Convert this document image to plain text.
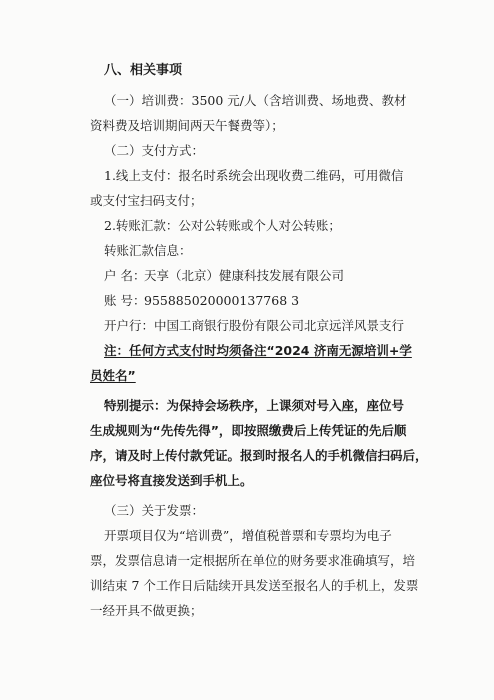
八、相关事项
（一）培训费：3500 元/人（含培训费、场地费、教材
资料费及培训期间两天午餐费等）；
（二）支付方式：
1.线上支付：报名时系统会出现收费二维码，可用微信
或支付宝扫码支付；
2.转账汇款：公对公转账或个人对公转账；
转账汇款信息：
户 名：天享（北京）健康科技发展有限公司
账 号：955885020000137768 3
开户行：中国工商银行股份有限公司北京远洋风景支行
注：任何方式支付时均须备注“2024 济南无源培训+学
员姓名”
特别提示：为保持会场秩序，上课须对号入座，座位号
生成规则为“先传先得”，即按照缴费后上传凭证的先后顺
序，请及时上传付款凭证。报到时报名人的手机微信扫码后，
座位号将直接发送到手机上。
（三）关于发票：
开票项目仅为“培训费”，增值税普票和专票均为电子
票，发票信息请一定根据所在单位的财务要求准确填写，培
训结束 7 个工作日后陆续开具发送至报名人的手机上，发票
一经开具不做更换；
